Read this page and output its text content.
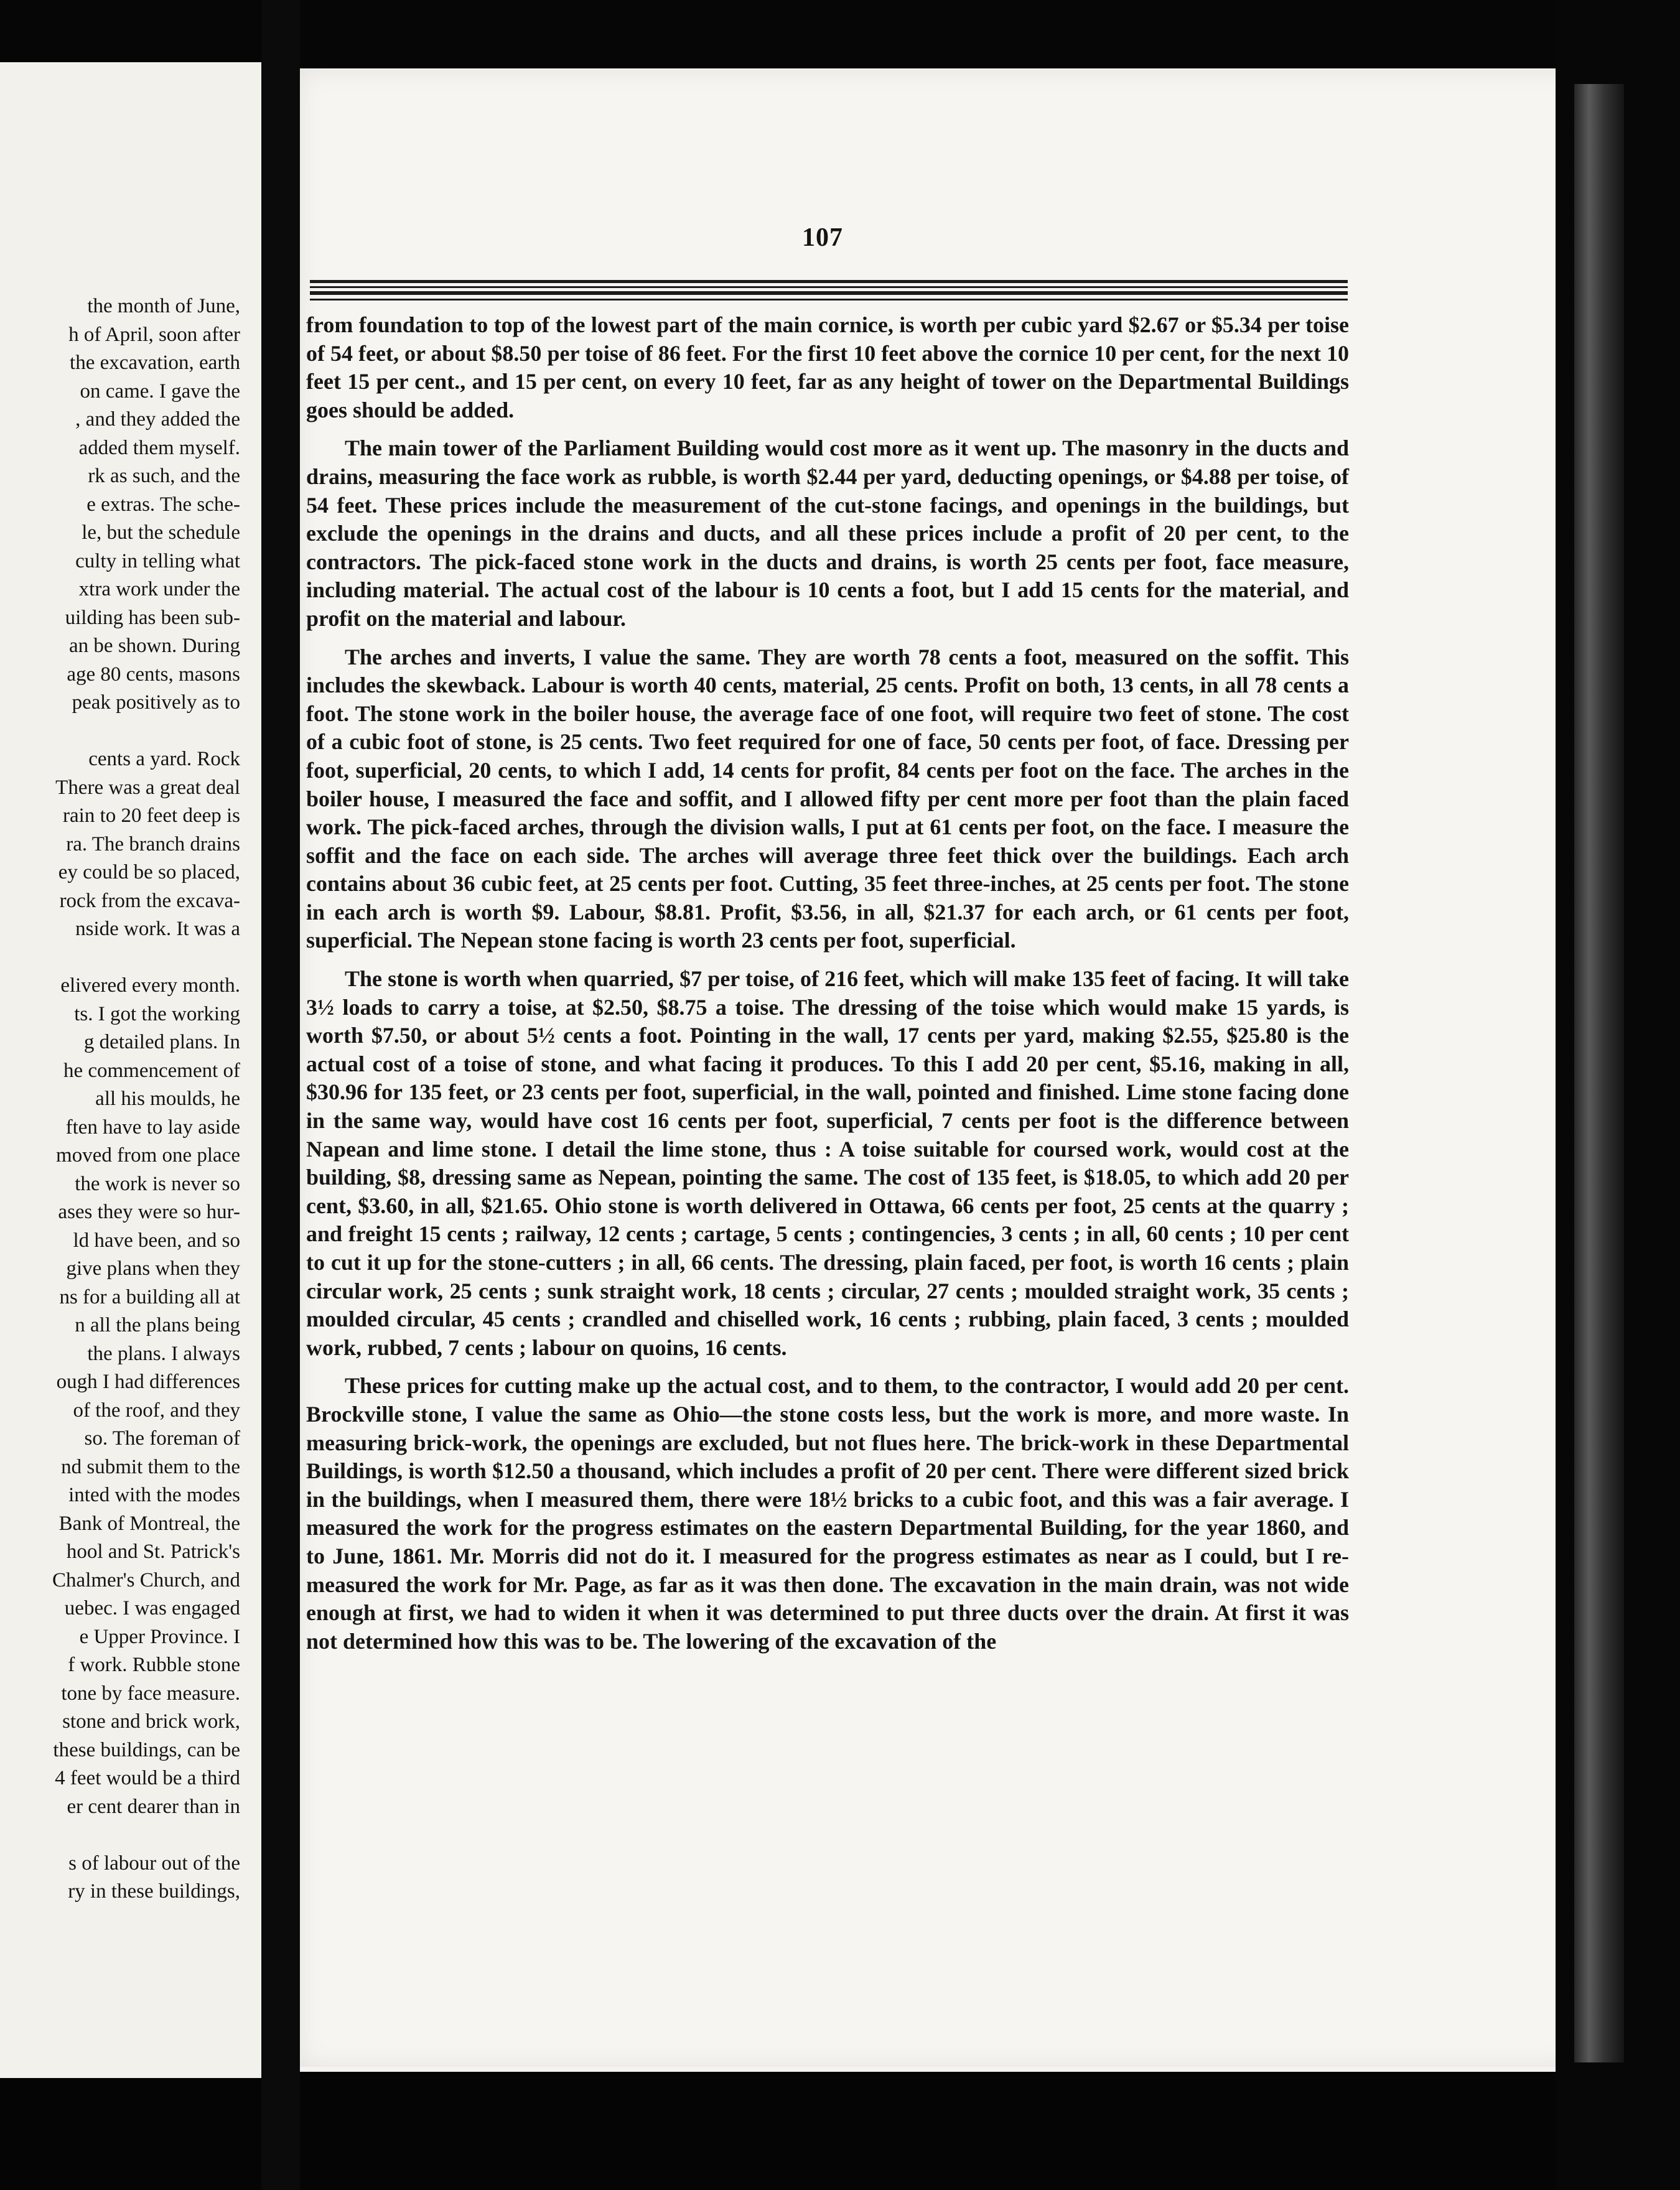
the month of June,
h of April, soon after
the excavation, earth
on came. I gave the
, and they added the
added them myself.
rk as such, and the
e extras. The sche-
le, but the schedule
culty in telling what
xtra work under the
uilding has been sub-
an be shown. During
age 80 cents, masons
peak positively as to
cents a yard. Rock
There was a great deal
rain to 20 feet deep is
ra. The branch drains
ey could be so placed,
rock from the excava-
nside work. It was a
elivered every month.
ts. I got the working
g detailed plans. In
he commencement of
all his moulds, he
ften have to lay aside
moved from one place
the work is never so
ases they were so hur-
ld have been, and so
give plans when they
ns for a building all at
n all the plans being
the plans. I always
ough I had differences
of the roof, and they
so. The foreman of
nd submit them to the
inted with the modes
Bank of Montreal, the
hool and St. Patrick's
Chalmer's Church, and
uebec. I was engaged
e Upper Province. I
f work. Rubble stone
tone by face measure.
stone and brick work,
these buildings, can be
4 feet would be a third
er cent dearer than in
s of labour out of the
ry in these buildings,
107

from foundation to top of the lowest part of the main cornice, is worth per cubic yard $2.67 or $5.34 per toise of 54 feet, or about $8.50 per toise of 86 feet. For the first 10 feet above the cornice 10 per cent, for the next 10 feet 15 per cent., and 15 per cent, on every 10 feet, far as any height of tower on the Departmental Buildings goes should be added.

The main tower of the Parliament Building would cost more as it went up. The masonry in the ducts and drains, measuring the face work as rubble, is worth $2.44 per yard, deducting openings, or $4.88 per toise, of 54 feet. These prices include the measurement of the cut-stone facings, and openings in the buildings, but exclude the openings in the drains and ducts, and all these prices include a profit of 20 per cent, to the contractors. The pick-faced stone work in the ducts and drains, is worth 25 cents per foot, face measure, including material. The actual cost of the labour is 10 cents a foot, but I add 15 cents for the material, and profit on the material and labour.

The arches and inverts, I value the same. They are worth 78 cents a foot, measured on the soffit. This includes the skewback. Labour is worth 40 cents, material, 25 cents. Profit on both, 13 cents, in all 78 cents a foot. The stone work in the boiler house, the average face of one foot, will require two feet of stone. The cost of a cubic foot of stone, is 25 cents. Two feet required for one of face, 50 cents per foot, of face. Dressing per foot, superficial, 20 cents, to which I add, 14 cents for profit, 84 cents per foot on the face. The arches in the boiler house, I measured the face and soffit, and I allowed fifty per cent more per foot than the plain faced work. The pick-faced arches, through the division walls, I put at 61 cents per foot, on the face. I measure the soffit and the face on each side. The arches will average three feet thick over the buildings. Each arch contains about 36 cubic feet, at 25 cents per foot. Cutting, 35 feet three-inches, at 25 cents per foot. The stone in each arch is worth $9. Labour, $8.81. Profit, $3.56, in all, $21.37 for each arch, or 61 cents per foot, superficial. The Nepean stone facing is worth 23 cents per foot, superficial.

The stone is worth when quarried, $7 per toise, of 216 feet, which will make 135 feet of facing. It will take 3½ loads to carry a toise, at $2.50, $8.75 a toise. The dressing of the toise which would make 15 yards, is worth $7.50, or about 5½ cents a foot. Pointing in the wall, 17 cents per yard, making $2.55, $25.80 is the actual cost of a toise of stone, and what facing it produces. To this I add 20 per cent, $5.16, making in all, $30.96 for 135 feet, or 23 cents per foot, superficial, in the wall, pointed and finished. Lime stone facing done in the same way, would have cost 16 cents per foot, superficial, 7 cents per foot is the difference between Napean and lime stone. I detail the lime stone, thus : A toise suitable for coursed work, would cost at the building, $8, dressing same as Nepean, pointing the same. The cost of 135 feet, is $18.05, to which add 20 per cent, $3.60, in all, $21.65. Ohio stone is worth delivered in Ottawa, 66 cents per foot, 25 cents at the quarry ; and freight 15 cents ; railway, 12 cents ; cartage, 5 cents ; contingencies, 3 cents ; in all, 60 cents ; 10 per cent to cut it up for the stone-cutters ; in all, 66 cents. The dressing, plain faced, per foot, is worth 16 cents ; plain circular work, 25 cents ; sunk straight work, 18 cents ; circular, 27 cents ; moulded straight work, 35 cents ; moulded circular, 45 cents ; crandled and chiselled work, 16 cents ; rubbing, plain faced, 3 cents ; moulded work, rubbed, 7 cents ; labour on quoins, 16 cents.

These prices for cutting make up the actual cost, and to them, to the contractor, I would add 20 per cent. Brockville stone, I value the same as Ohio—the stone costs less, but the work is more, and more waste. In measuring brick-work, the openings are excluded, but not flues here. The brick-work in these Departmental Buildings, is worth $12.50 a thousand, which includes a profit of 20 per cent. There were different sized brick in the buildings, when I measured them, there were 18½ bricks to a cubic foot, and this was a fair average. I measured the work for the progress estimates on the eastern Departmental Building, for the year 1860, and to June, 1861. Mr. Morris did not do it. I measured for the progress estimates as near as I could, but I re-measured the work for Mr. Page, as far as it was then done. The excavation in the main drain, was not wide enough at first, we had to widen it when it was determined to put three ducts over the drain. At first it was not determined how this was to be. The lowering of the excavation of the
